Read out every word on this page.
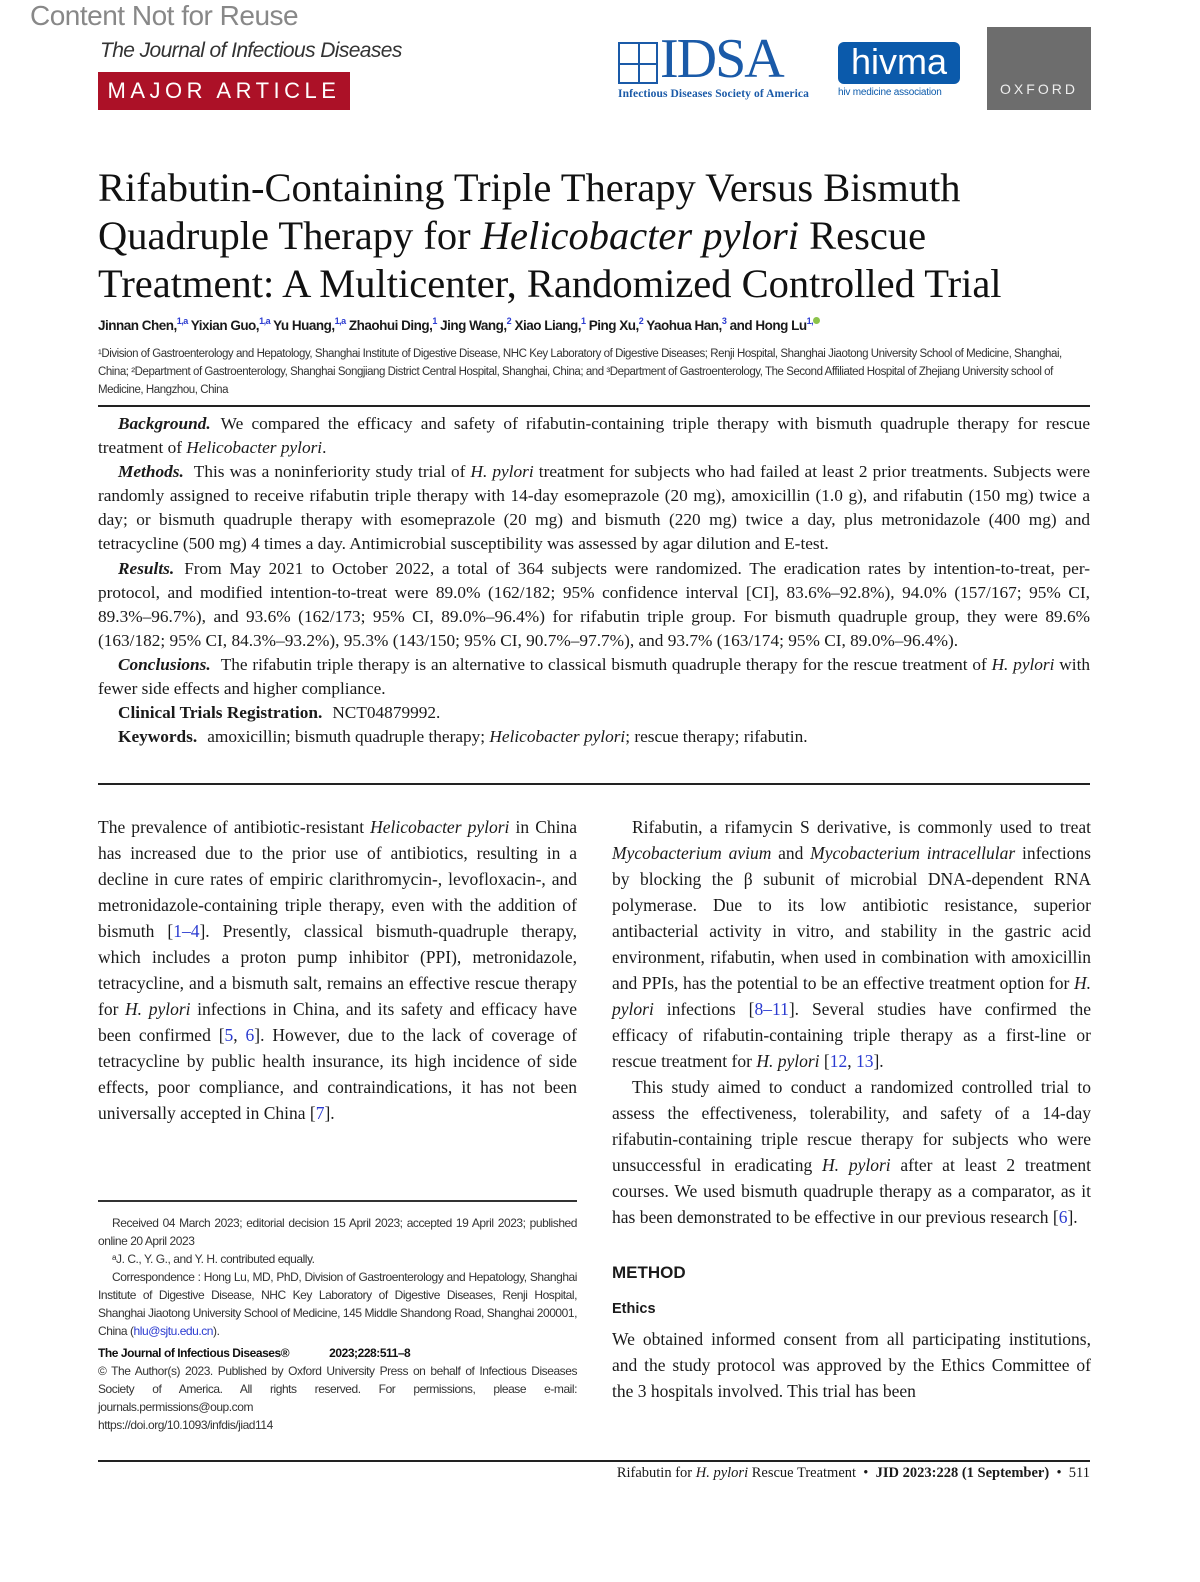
Content Not for Reuse
The Journal of Infectious Diseases
MAJOR ARTICLE
IDSA
Infectious Diseases Society of America
hivma
hiv medicine association	OXFORD
Rifabutin-Containing Triple Therapy Versus Bismuth Quadruple Therapy for Helicobacter pylori Rescue Treatment: A Multicenter, Randomized Controlled Trial
Jinnan Chen,$^{1,a}$ Yixian Guo,$^{1,a}$ Yu Huang,$^{1,a}$ Zhaohui Ding,$^1$ Jing Wang,$^2$ Xiao Liang,$^1$ Ping Xu,$^2$ Yaohua Han,$^3$ and Hong $Lu^{1,}$
¹Division of Gastroenterology and Hepatology, Shanghai Institute of Digestive Disease, NHC Key Laboratory of Digestive Diseases; Renji Hospital, Shanghai Jiaotong University School of Medicine, Shanghai, China; ²Department of Gastroenterology, Shanghai Songjiang District Central Hospital, Shanghai, China; and ³Department of Gastroenterology, The Second Affiliated Hospital of Zhejiang University school of Medicine, Hangzhou, China

Background. We compared the efficacy and safety of rifabutin-containing triple therapy with bismuth quadruple therapy for rescue treatment of Helicobacter pylori.

Methods. This was a noninferiority study trial of H. pylori treatment for subjects who had failed at least 2 prior treatments. Subjects were randomly assigned to receive rifabutin triple therapy with 14-day esomeprazole (20 mg), amoxicillin (1.0 g), and rifabutin (150 mg) twice a day; or bismuth quadruple therapy with esomeprazole (20 mg) and bismuth (220 mg) twice a day, plus metronidazole (400 mg) and tetracycline (500 mg) 4 times a day. Antimicrobial susceptibility was assessed by agar dilution and E-test.

Results. From May 2021 to October 2022, a total of 364 subjects were randomized. The eradication rates by intention-to-treat, per-protocol, and modified intention-to-treat were 89.0% (162/182; 95% confidence interval [CI], 83.6%–92.8%), 94.0% (157/167; 95% CI, 89.3%–96.7%), and 93.6% (162/173; 95% CI, 89.0%–96.4%) for rifabutin triple group. For bismuth quadruple group, they were 89.6% (163/182; 95% CI, 84.3%–93.2%), 95.3% (143/150; 95% CI, 90.7%–97.7%), and 93.7% (163/174; 95% CI, 89.0%–96.4%).

Conclusions. The rifabutin triple therapy is an alternative to classical bismuth quadruple therapy for the rescue treatment of H. pylori with fewer side effects and higher compliance.

Clinical Trials Registration. NCT04879992.

Keywords. amoxicillin; bismuth quadruple therapy; Helicobacter pylori; rescue therapy; rifabutin.

The prevalence of antibiotic-resistant Helicobacter pylori in China has increased due to the prior use of antibiotics, resulting in a decline in cure rates of empiric clarithromycin-, levofloxacin-, and metronidazole-containing triple therapy, even with the addition of bismuth [1–4]. Presently, classical bismuth-quadruple therapy, which includes a proton pump inhibitor (PPI), metronidazole, tetracycline, and a bismuth salt, remains an effective rescue therapy for H. pylori infections in China, and its safety and efficacy have been confirmed [5, 6]. However, due to the lack of coverage of tetracycline by public health insurance, its high incidence of side effects, poor compliance, and contraindications, it has not been universally accepted in China [7].

Received 04 March 2023; editorial decision 15 April 2023; accepted 19 April 2023; published online 20 April 2023

ᵃJ. C., Y. G., and Y. H. contributed equally.

Correspondence : Hong Lu, MD, PhD, Division of Gastroenterology and Hepatology, Shanghai Institute of Digestive Disease, NHC Key Laboratory of Digestive Diseases, Renji Hospital, Shanghai Jiaotong University School of Medicine, 145 Middle Shandong Road, Shanghai 200001, China (hlu@sjtu.edu.cn).

The Journal of Infectious Diseases®	2023;228:511–8

© The Author(s) 2023. Published by Oxford University Press on behalf of Infectious Diseases Society of America. All rights reserved. For permissions, please e-mail: journals.permissions@oup.com

https://doi.org/10.1093/infdis/jiad114

Rifabutin, a rifamycin S derivative, is commonly used to treat Mycobacterium avium and Mycobacterium intracellular infections by blocking the β subunit of microbial DNA-dependent RNA polymerase. Due to its low antibiotic resistance, superior antibacterial activity in vitro, and stability in the gastric acid environment, rifabutin, when used in combination with amoxicillin and PPIs, has the potential to be an effective treatment option for H. pylori infections [8–11]. Several studies have confirmed the efficacy of rifabutin-containing triple therapy as a first-line or rescue treatment for H. pylori [12, 13].

This study aimed to conduct a randomized controlled trial to assess the effectiveness, tolerability, and safety of a 14-day rifabutin-containing triple rescue therapy for subjects who were unsuccessful in eradicating H. pylori after at least 2 treatment courses. We used bismuth quadruple therapy as a comparator, as it has been demonstrated to be effective in our previous research [6].

METHOD
Ethics

We obtained informed consent from all participating institutions, and the study protocol was approved by the Ethics Committee of the 3 hospitals involved. This trial has been

Rifabutin for H. pylori Rescue Treatment  •  JID 2023:228 (1 September)  •  511
